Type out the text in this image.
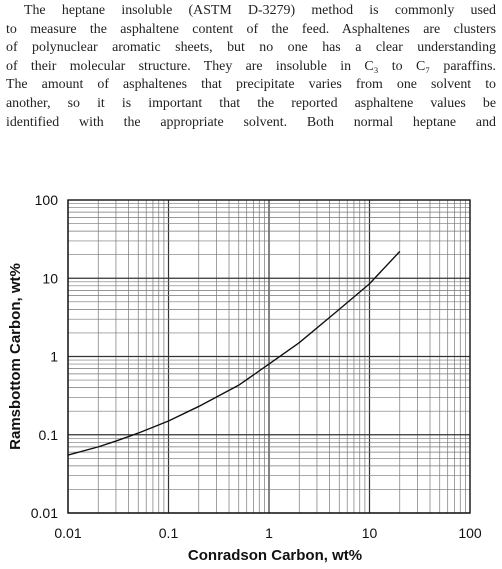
The heptane insoluble (ASTM D-3279) method is commonly used
to measure the asphaltene content of the feed. Asphaltenes are clusters
of polynuclear aromatic sheets, but no one has a clear understanding
of their molecular structure. They are insoluble in C₃ to C₇ paraffins.
The amount of asphaltenes that precipitate varies from one solvent to
another, so it is important that the reported asphaltene values be
identified with the appropriate solvent. Both normal heptane and
0.01	0.1	1	10	100
0.01
0.1
1
10
100
Conradson Carbon, wt%
Ramsbottom Carbon, wt%
